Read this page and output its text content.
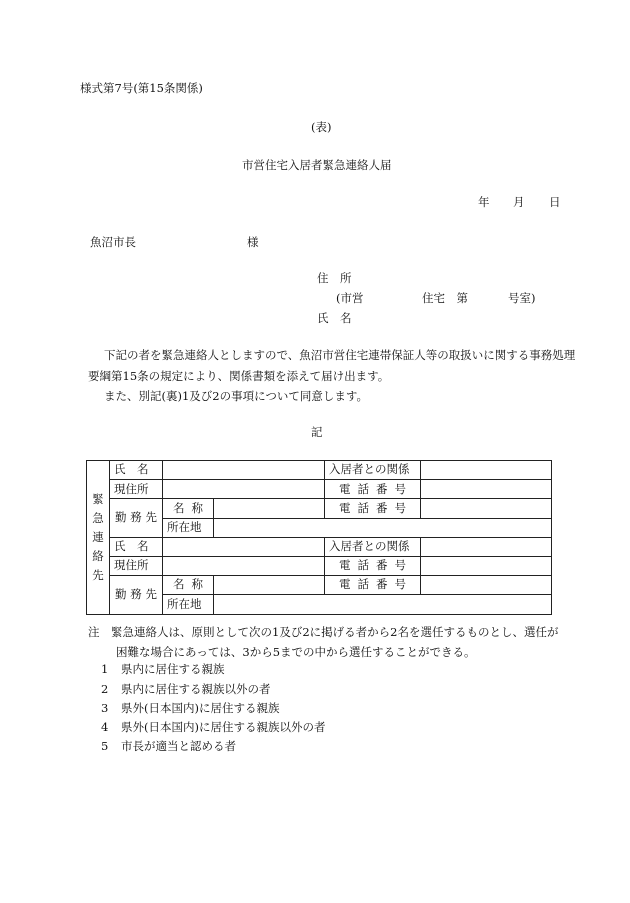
様式第7号(第15条関係)
(表)
市営住宅入居者緊急連絡人届
年 月 日
魚沼市長	様
住　所
(市営	住宅　第	号室)
氏　名
下記の者を緊急連絡人としますので、魚沼市営住宅連帯保証人等の取扱いに関する事務処理要綱第15条の規定により、関係書類を添えて届け出ます。
また、別記(裏)1及び2の事項について同意します。
記
緊
急
連
絡
先	氏　名			入居者との関係	
	現住所			電 話 番 号	

	勤 務 先	名 称		電 話 番 号	

		所在地			
	氏　名			入居者との関係	
	現住所			電 話 番 号	

	勤 務 先	名 称		電 話 番 号	

		所在地			
注　緊急連絡人は、原則として次の1及び2に掲げる者から2名を選任するものとし、選任が困難な場合にあっては、3から5までの中から選任することができる。
1 県内に居住する親族
2 県内に居住する親族以外の者
3 県外(日本国内)に居住する親族
4 県外(日本国内)に居住する親族以外の者
5 市長が適当と認める者
